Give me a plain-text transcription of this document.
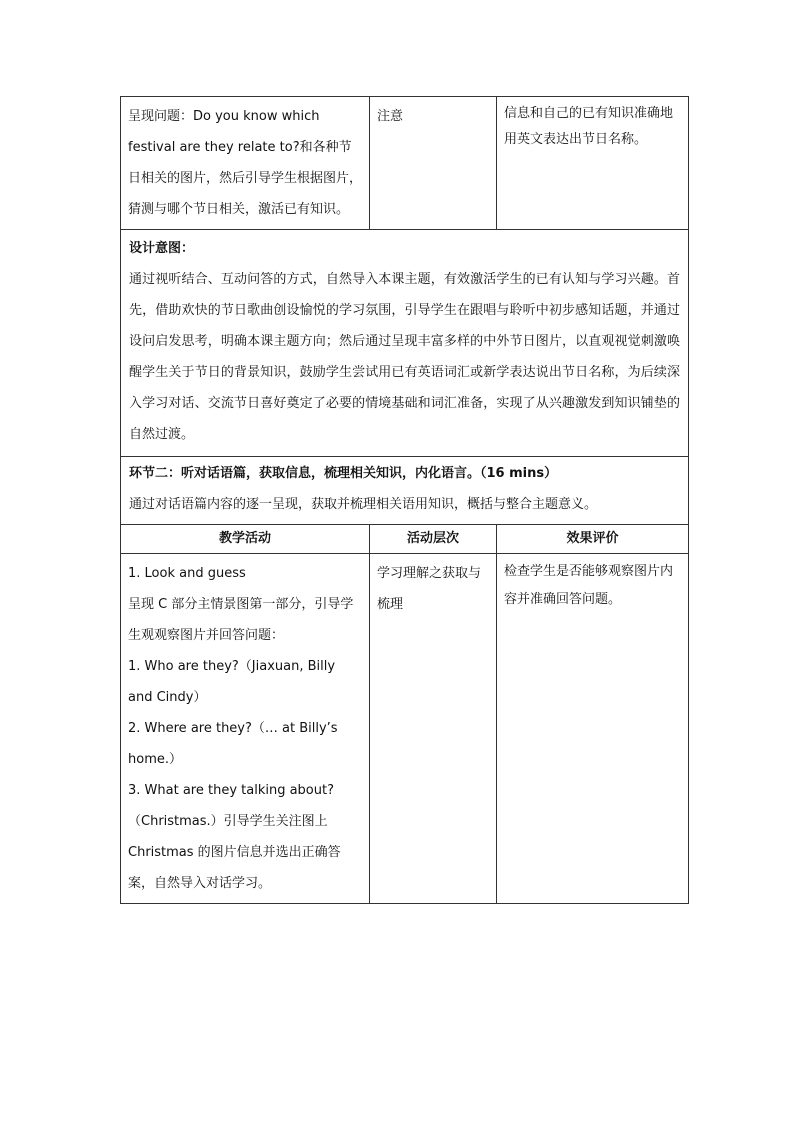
呈现问题：Do you know which festival are they relate to?和各种节日相关的图片，然后引导学生根据图片，猜测与哪个节日相关，激活已有知识。	注意	信息和自己的已有知识准确地用英文表达出节日名称。

设计意图：
通过视听结合、互动问答的方式，自然导入本课主题，有效激活学生的已有认知与学习兴趣。首先，借助欢快的节日歌曲创设愉悦的学习氛围，引导学生在跟唱与聆听中初步感知话题，并通过设问启发思考，明确本课主题方向；然后通过呈现丰富多样的中外节日图片，以直观视觉刺激唤醒学生关于节日的背景知识，鼓励学生尝试用已有英语词汇或新学表达说出节日名称，为后续深入学习对话、交流节日喜好奠定了必要的情境基础和词汇准备，实现了从兴趣激发到知识铺垫的自然过渡。		

环节二：听对话语篇，获取信息，梳理相关知识，内化语言。（16 mins）
通过对话语篇内容的逐一呈现，获取并梳理相关语用知识，概括与整合主题意义。		

教学活动	活动层次	效果评价

1. Look and guess
呈现 C 部分主情景图第一部分，引导学生观观察图片并回答问题：
1. Who are they?（Jiaxuan, Billy and Cindy）
2. Where are they?（… at Billy’s home.）
3. What are they talking about?（Christmas.）引导学生关注图上 Christmas 的图片信息并选出正确答案，自然导入对话学习。	学习理解之获取与梳理	检查学生是否能够观察图片内容并准确回答问题。
